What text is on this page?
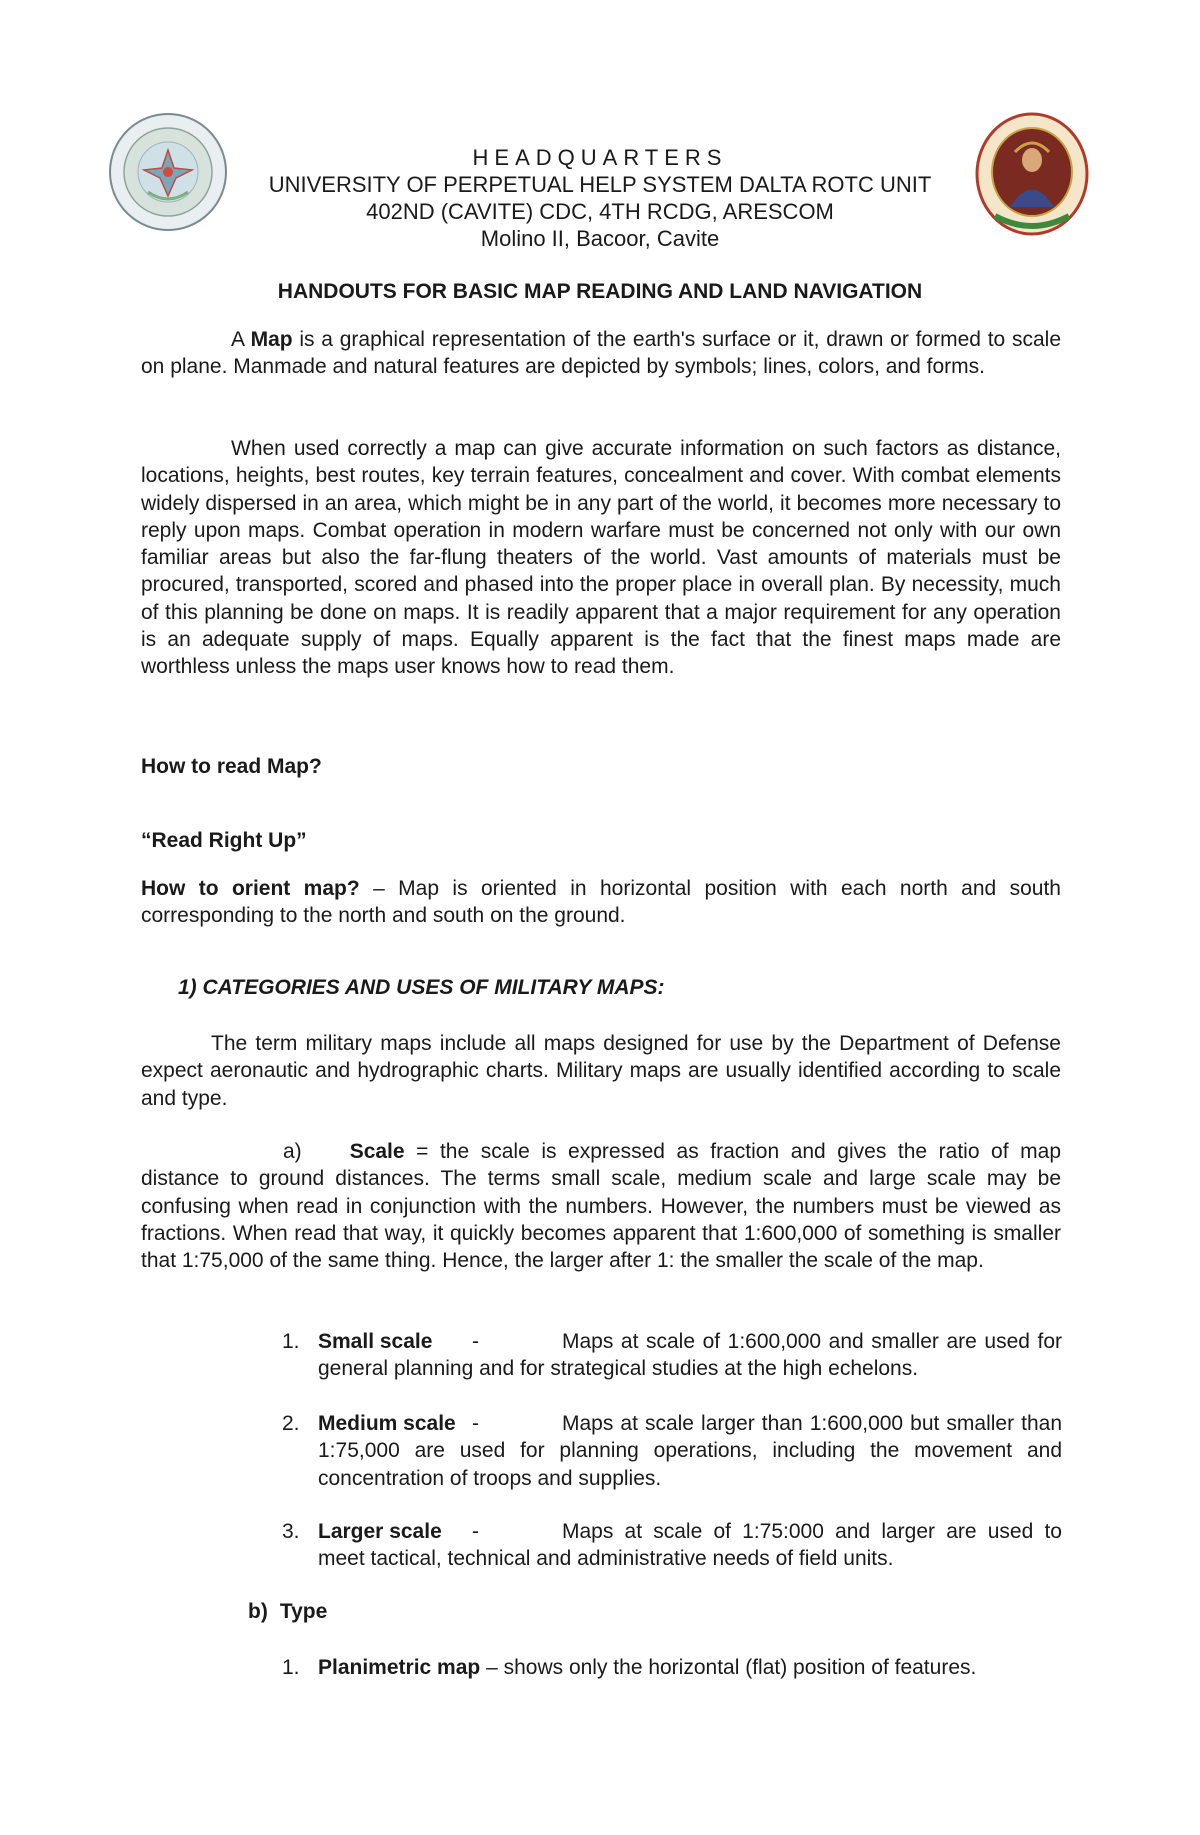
HEADQUARTERS
UNIVERSITY OF PERPETUAL HELP SYSTEM DALTA ROTC UNIT
402ND (CAVITE) CDC, 4TH RCDG, ARESCOM
Molino II, Bacoor, Cavite
HANDOUTS FOR BASIC MAP READING AND LAND NAVIGATION
A Map is a graphical representation of the earth's surface or it, drawn or formed to scale on plane. Manmade and natural features are depicted by symbols; lines, colors, and forms.
When used correctly a map can give accurate information on such factors as distance, locations, heights, best routes, key terrain features, concealment and cover. With combat elements widely dispersed in an area, which might be in any part of the world, it becomes more necessary to reply upon maps. Combat operation in modern warfare must be concerned not only with our own familiar areas but also the far-flung theaters of the world. Vast amounts of materials must be procured, transported, scored and phased into the proper place in overall plan. By necessity, much of this planning be done on maps. It is readily apparent that a major requirement for any operation is an adequate supply of maps. Equally apparent is the fact that the finest maps made are worthless unless the maps user knows how to read them.
How to read Map?
“Read Right Up”
How to orient map? – Map is oriented in horizontal position with each north and south corresponding to the north and south on the ground.
1) CATEGORIES AND USES OF MILITARY MAPS:
The term military maps include all maps designed for use by the Department of Defense expect aeronautic and hydrographic charts. Military maps are usually identified according to scale and type.
a) Scale = the scale is expressed as fraction and gives the ratio of map distance to ground distances. The terms small scale, medium scale and large scale may be confusing when read in conjunction with the numbers. However, the numbers must be viewed as fractions. When read that way, it quickly becomes apparent that 1:600,000 of something is smaller that 1:75,000 of the same thing. Hence, the larger after 1: the smaller the scale of the map.
1. Small scale -	Maps at scale of 1:600,000 and smaller are used for general planning and for strategical studies at the high echelons.
2. Medium scale -	Maps at scale larger than 1:600,000 but smaller than 1:75,000 are used for planning operations, including the movement and concentration of troops and supplies.
3. Larger scale -	Maps at scale of 1:75:000 and larger are used to meet tactical, technical and administrative needs of field units.
b) Type
1. Planimetric map – shows only the horizontal (flat) position of features.
